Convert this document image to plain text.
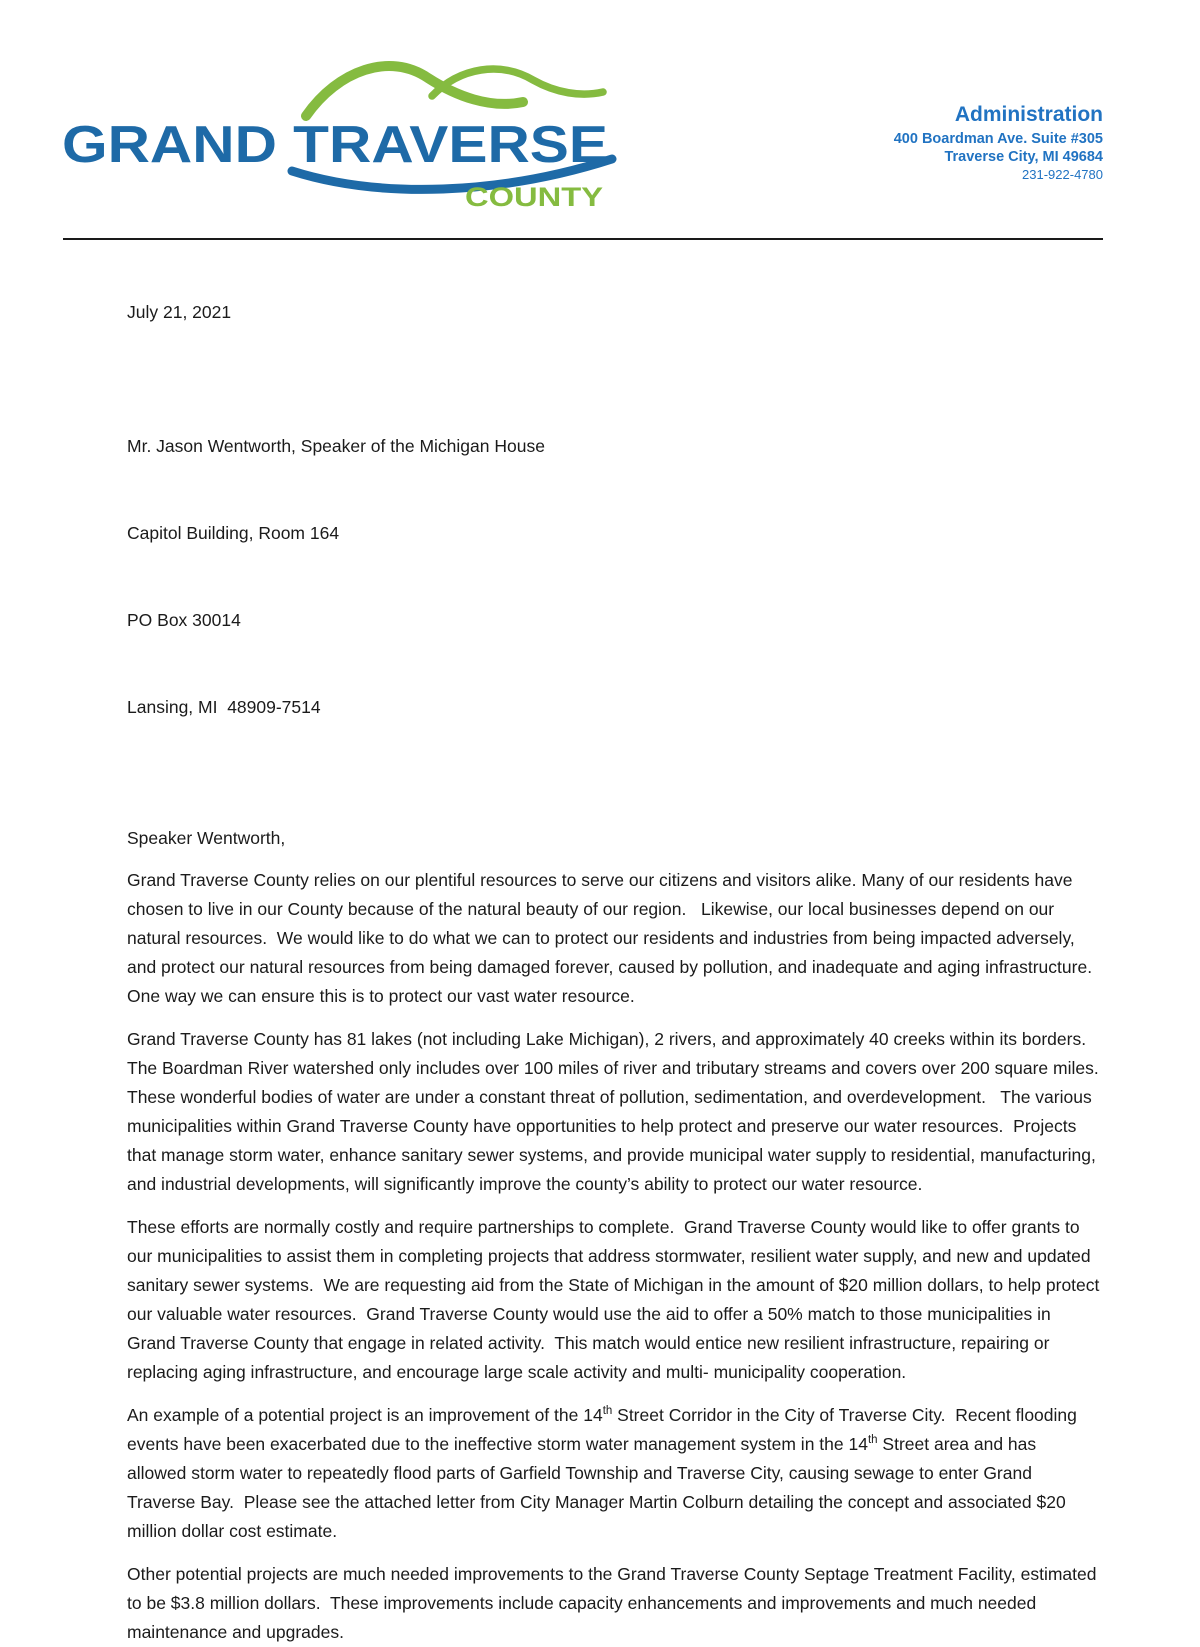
GRAND TRAVERSE
COUNTY
Administration
400 Boardman Ave. Suite #305
Traverse City, MI 49684
231-922-4780
July 21, 2021

Mr. Jason Wentworth, Speaker of the Michigan House

Capitol Building, Room 164

PO Box 30014

Lansing, MI  48909-7514

Speaker Wentworth,

Grand Traverse County relies on our plentiful resources to serve our citizens and visitors alike. Many of our residents have chosen to live in our County because of the natural beauty of our region.   Likewise, our local businesses depend on our natural resources.  We would like to do what we can to protect our residents and industries from being impacted adversely, and protect our natural resources from being damaged forever, caused by pollution, and inadequate and aging infrastructure.   One way we can ensure this is to protect our vast water resource.

Grand Traverse County has 81 lakes (not including Lake Michigan), 2 rivers, and approximately 40 creeks within its borders. The Boardman River watershed only includes over 100 miles of river and tributary streams and covers over 200 square miles.  These wonderful bodies of water are under a constant threat of pollution, sedimentation, and overdevelopment.   The various municipalities within Grand Traverse County have opportunities to help protect and preserve our water resources.  Projects that manage storm water, enhance sanitary sewer systems, and provide municipal water supply to residential, manufacturing, and industrial developments, will significantly improve the county’s ability to protect our water resource.

These efforts are normally costly and require partnerships to complete.  Grand Traverse County would like to offer grants to our municipalities to assist them in completing projects that address stormwater, resilient water supply, and new and updated sanitary sewer systems.  We are requesting aid from the State of Michigan in the amount of $20 million dollars, to help protect our valuable water resources.  Grand Traverse County would use the aid to offer a 50% match to those municipalities in Grand Traverse County that engage in related activity.  This match would entice new resilient infrastructure, repairing or replacing aging infrastructure, and encourage large scale activity and multi- municipality cooperation.

An example of a potential project is an improvement of the 14th Street Corridor in the City of Traverse City.  Recent flooding events have been exacerbated due to the ineffective storm water management system in the 14th Street area and has allowed storm water to repeatedly flood parts of Garfield Township and Traverse City, causing sewage to enter Grand Traverse Bay.  Please see the attached letter from City Manager Martin Colburn detailing the concept and associated $20 million dollar cost estimate.

Other potential projects are much needed improvements to the Grand Traverse County Septage Treatment Facility, estimated to be $3.8 million dollars.  These improvements include capacity enhancements and improvements and much needed maintenance and upgrades.
